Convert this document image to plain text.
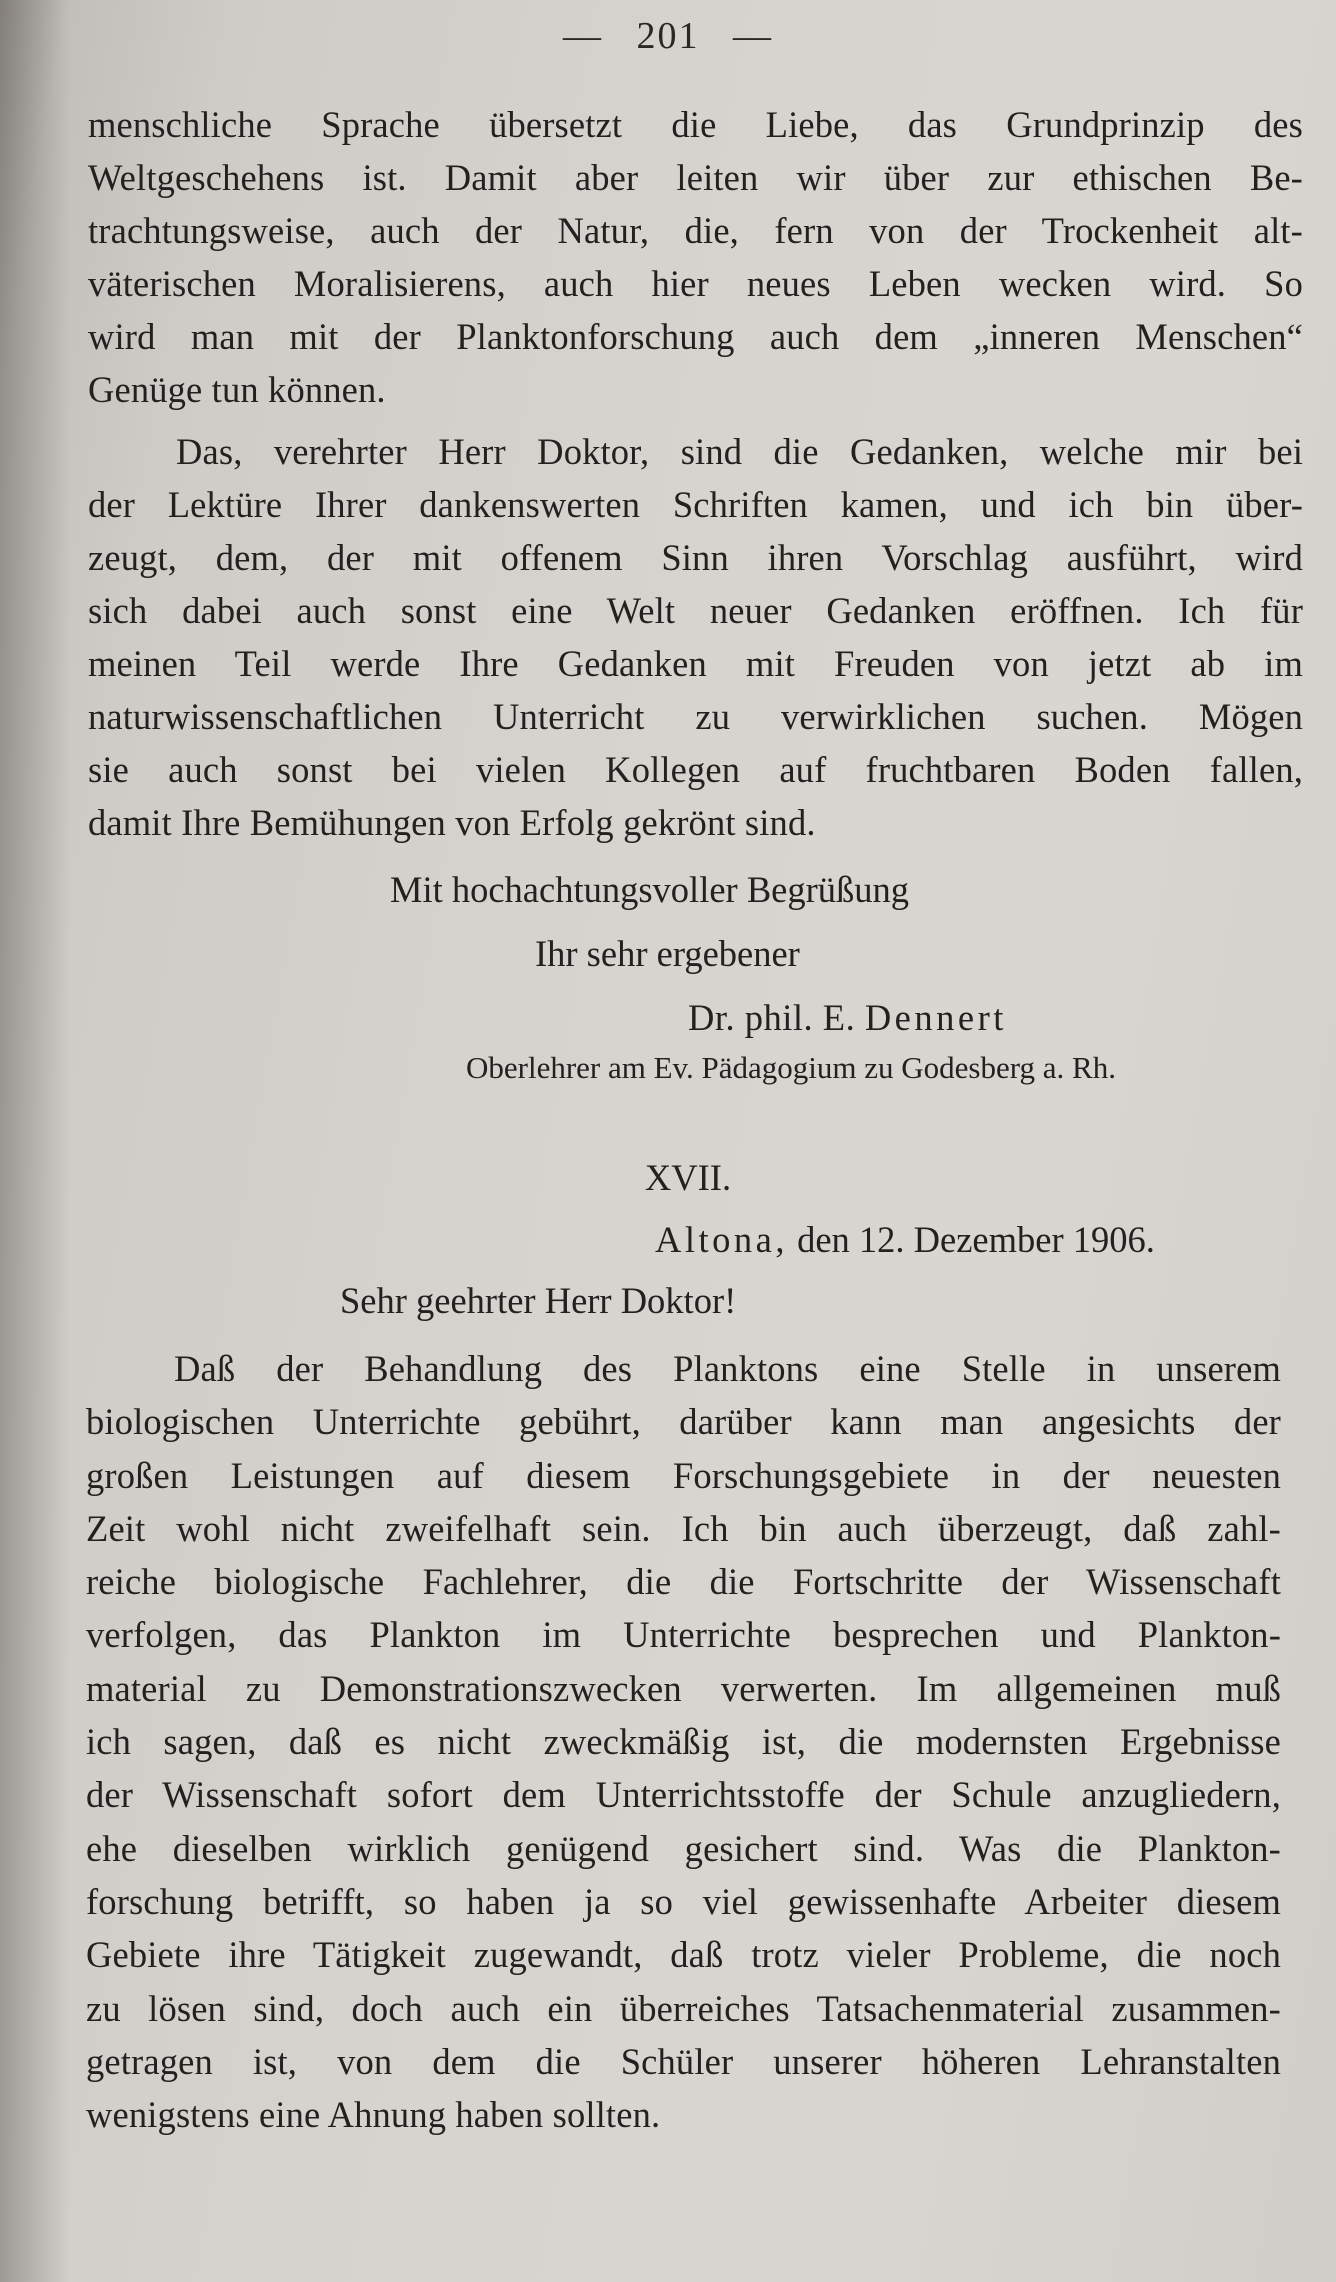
— 201 —
menschliche Sprache übersetzt die Liebe, das Grundprinzip des
Weltgeschehens ist. Damit aber leiten wir über zur ethischen Be-
trachtungsweise, auch der Natur, die, fern von der Trockenheit alt-
väterischen Moralisierens, auch hier neues Leben wecken wird. So
wird man mit der Planktonforschung auch dem „inneren Menschen“
Genüge tun können.
Das, verehrter Herr Doktor, sind die Gedanken, welche mir bei
der Lektüre Ihrer dankenswerten Schriften kamen, und ich bin über-
zeugt, dem, der mit offenem Sinn ihren Vorschlag ausführt, wird
sich dabei auch sonst eine Welt neuer Gedanken eröffnen. Ich für
meinen Teil werde Ihre Gedanken mit Freuden von jetzt ab im
naturwissenschaftlichen Unterricht zu verwirklichen suchen. Mögen
sie auch sonst bei vielen Kollegen auf fruchtbaren Boden fallen,
damit Ihre Bemühungen von Erfolg gekrönt sind.
Mit hochachtungsvoller Begrüßung
Ihr sehr ergebener
Dr. phil. E. Dennert
Oberlehrer am Ev. Pädagogium zu Godesberg a. Rh.
XVII.
Altona, den 12. Dezember 1906.
Sehr geehrter Herr Doktor!
Daß der Behandlung des Planktons eine Stelle in unserem
biologischen Unterrichte gebührt, darüber kann man angesichts der
großen Leistungen auf diesem Forschungsgebiete in der neuesten
Zeit wohl nicht zweifelhaft sein. Ich bin auch überzeugt, daß zahl-
reiche biologische Fachlehrer, die die Fortschritte der Wissenschaft
verfolgen, das Plankton im Unterrichte besprechen und Plankton-
material zu Demonstrationszwecken verwerten. Im allgemeinen muß
ich sagen, daß es nicht zweckmäßig ist, die modernsten Ergebnisse
der Wissenschaft sofort dem Unterrichtsstoffe der Schule anzugliedern,
ehe dieselben wirklich genügend gesichert sind. Was die Plankton-
forschung betrifft, so haben ja so viel gewissenhafte Arbeiter diesem
Gebiete ihre Tätigkeit zugewandt, daß trotz vieler Probleme, die noch
zu lösen sind, doch auch ein überreiches Tatsachenmaterial zusammen-
getragen ist, von dem die Schüler unserer höheren Lehranstalten
wenigstens eine Ahnung haben sollten.
